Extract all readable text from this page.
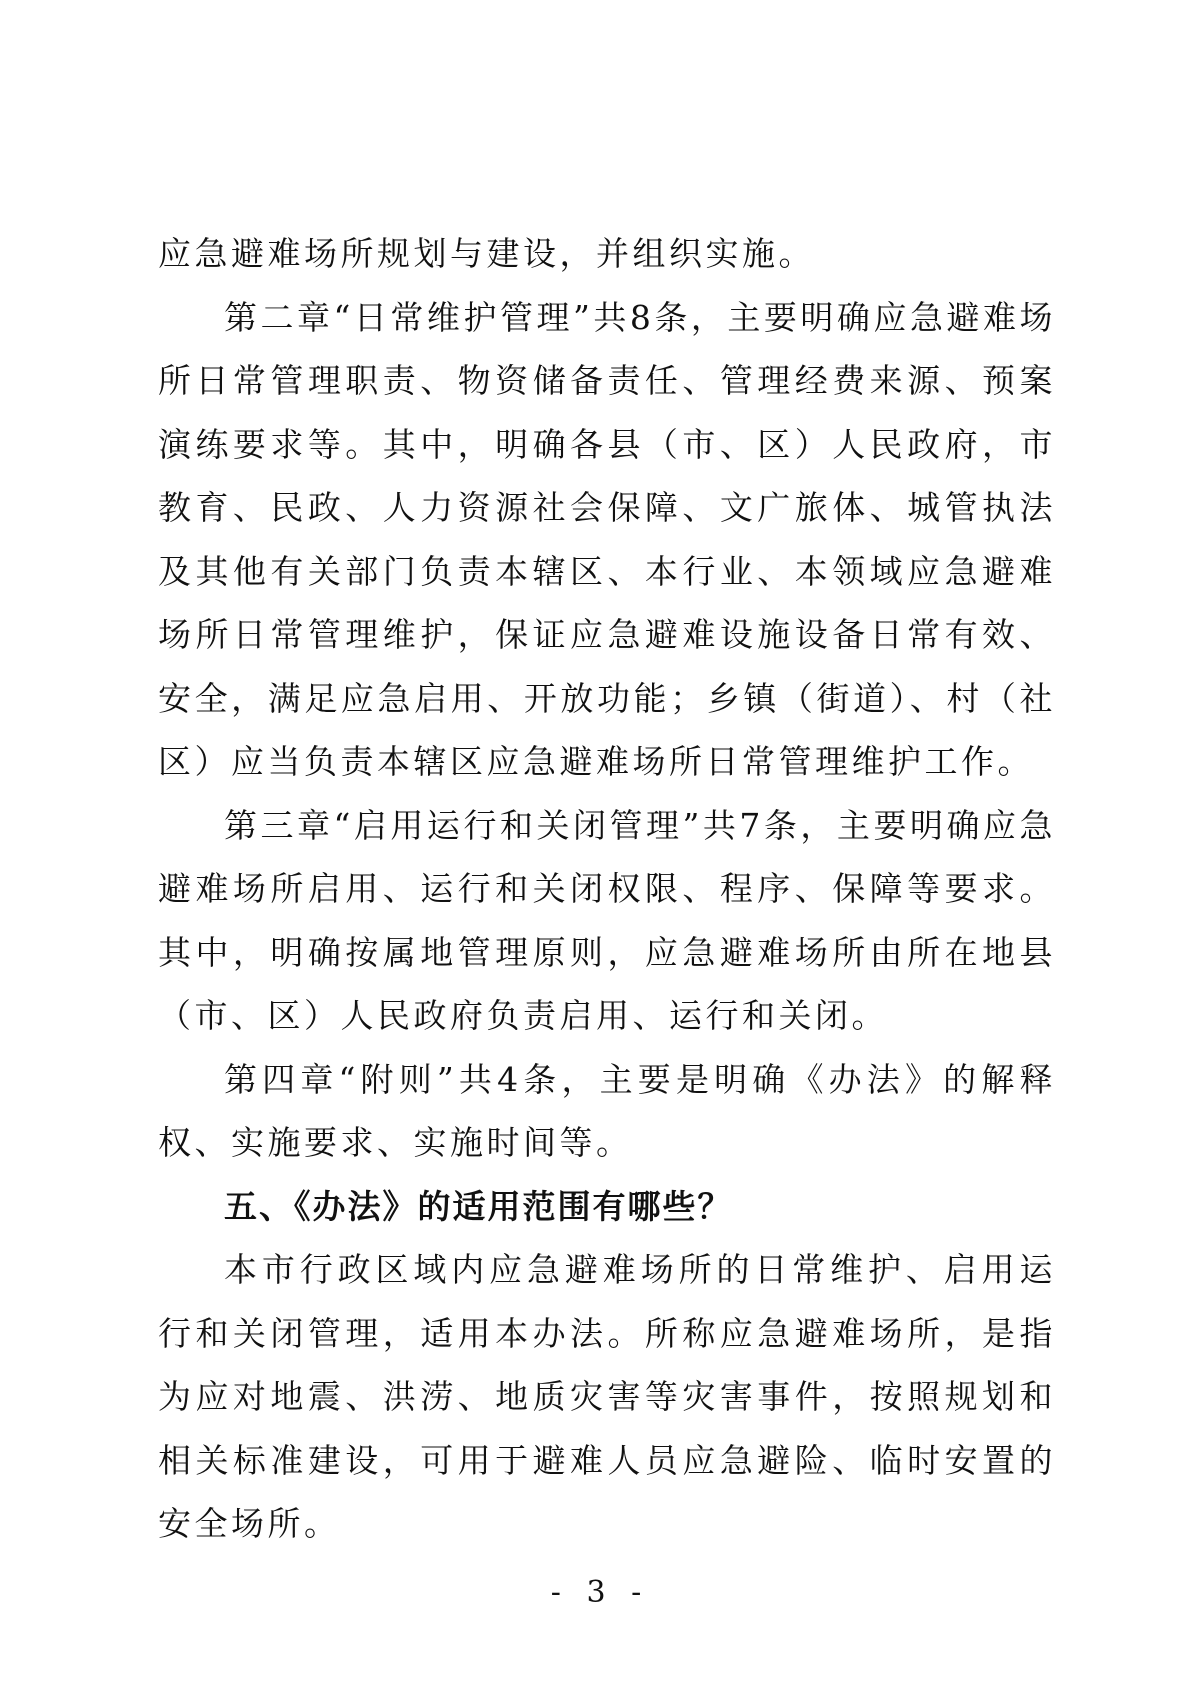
应急避难场所规划与建设，并组织实施。

第二章“日常维护管理”共8条，主要明确应急避难场所日常管理职责、物资储备责任、管理经费来源、预案演练要求等。其中，明确各县（市、区）人民政府，市教育、民政、人力资源社会保障、文广旅体、城管执法及其他有关部门负责本辖区、本行业、本领域应急避难场所日常管理维护，保证应急避难设施设备日常有效、安全，满足应急启用、开放功能；乡镇（街道）、村（社区）应当负责本辖区应急避难场所日常管理维护工作。

第三章“启用运行和关闭管理”共7条，主要明确应急避难场所启用、运行和关闭权限、程序、保障等要求。其中，明确按属地管理原则，应急避难场所由所在地县（市、区）人民政府负责启用、运行和关闭。

第四章“附则”共4条，主要是明确《办法》的解释权、实施要求、实施时间等。

五、《办法》的适用范围有哪些？

本市行政区域内应急避难场所的日常维护、启用运行和关闭管理，适用本办法。所称应急避难场所，是指为应对地震、洪涝、地质灾害等灾害事件，按照规划和相关标准建设，可用于避难人员应急避险、临时安置的安全场所。

- 3 -
